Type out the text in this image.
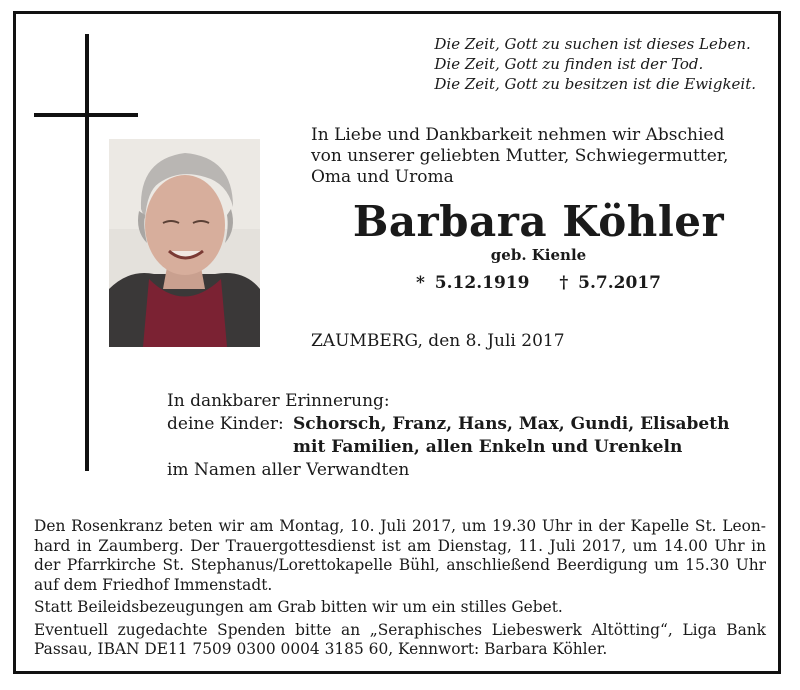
Die Zeit, Gott zu suchen ist dieses Leben.
Die Zeit, Gott zu finden ist der Tod.
Die Zeit, Gott zu besitzen ist die Ewigkeit.
In Liebe und Dankbarkeit nehmen wir Abschied
von unserer geliebten Mutter, Schwiegermutter,
Oma und Uroma
Barbara Köhler
geb. Kienle
* 5.12.1919 † 5.7.2017
ZAUMBERG, den 8. Juli 2017
In dankbarer Erinnerung:
deine Kinder: Schorsch, Franz, Hans, Max, Gundi, Elisabeth
mit Familien, allen Enkeln und Urenkeln
im Namen aller Verwandten

Den Rosenkranz beten wir am Montag, 10. Juli 2017, um 19.30 Uhr in der Kapelle St. Leon-
hard in Zaumberg. Der Trauergottesdienst ist am Dienstag, 11. Juli 2017, um 14.00 Uhr in
der Pfarrkirche St. Stephanus/Lorettokapelle Bühl, anschließend Beerdigung um 15.30 Uhr
auf dem Friedhof Immenstadt.

Statt Beileidsbezeugungen am Grab bitten wir um ein stilles Gebet.

Eventuell zugedachte Spenden bitte an „Seraphisches Liebeswerk Altötting“, Liga Bank
Passau, IBAN DE11 7509 0300 0004 3185 60, Kennwort: Barbara Köhler.
